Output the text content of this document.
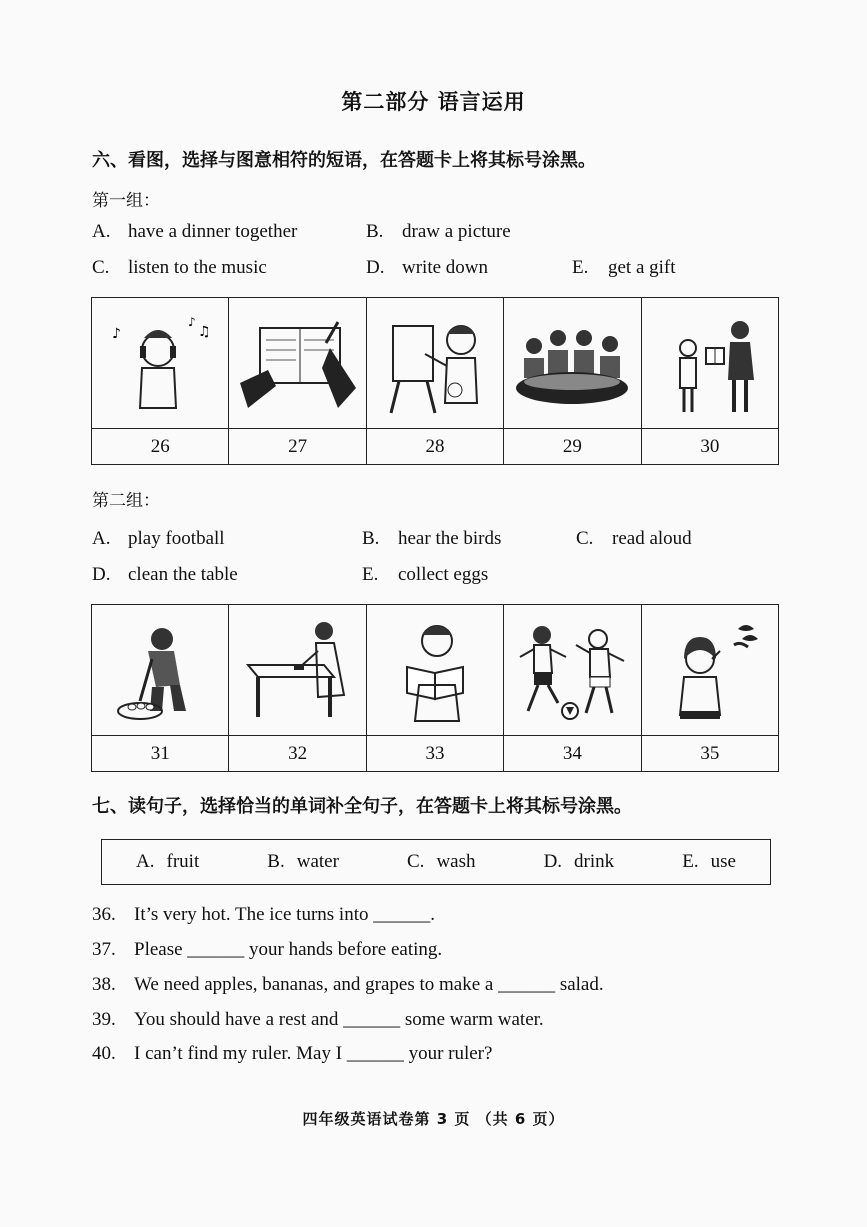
第二部分 语言运用
六、看图，选择与图意相符的短语，在答题卡上将其标号涂黑。
第一组：
A. have a dinner together	B. draw a picture
C. listen to the music	D. write down	E. get a gift
♪	♫
♪
26	27	28	29	30
第二组：
A. play football	B. hear the birds	C. read aloud
D. clean the table	E. collect eggs
31	32	33	34	35
七、读句子，选择恰当的单词补全句子，在答题卡上将其标号涂黑。
A. fruit	B. water	C. wash	D. drink	E. use
36. It’s very hot. The ice turns into ______.
37. Please ______ your hands before eating.
38. We need apples, bananas, and grapes to make a ______ salad.
39. You should have a rest and ______ some warm water.
40. I can’t find my ruler. May I ______ your ruler?
四年级英语试卷第 3 页 （共 6 页）
